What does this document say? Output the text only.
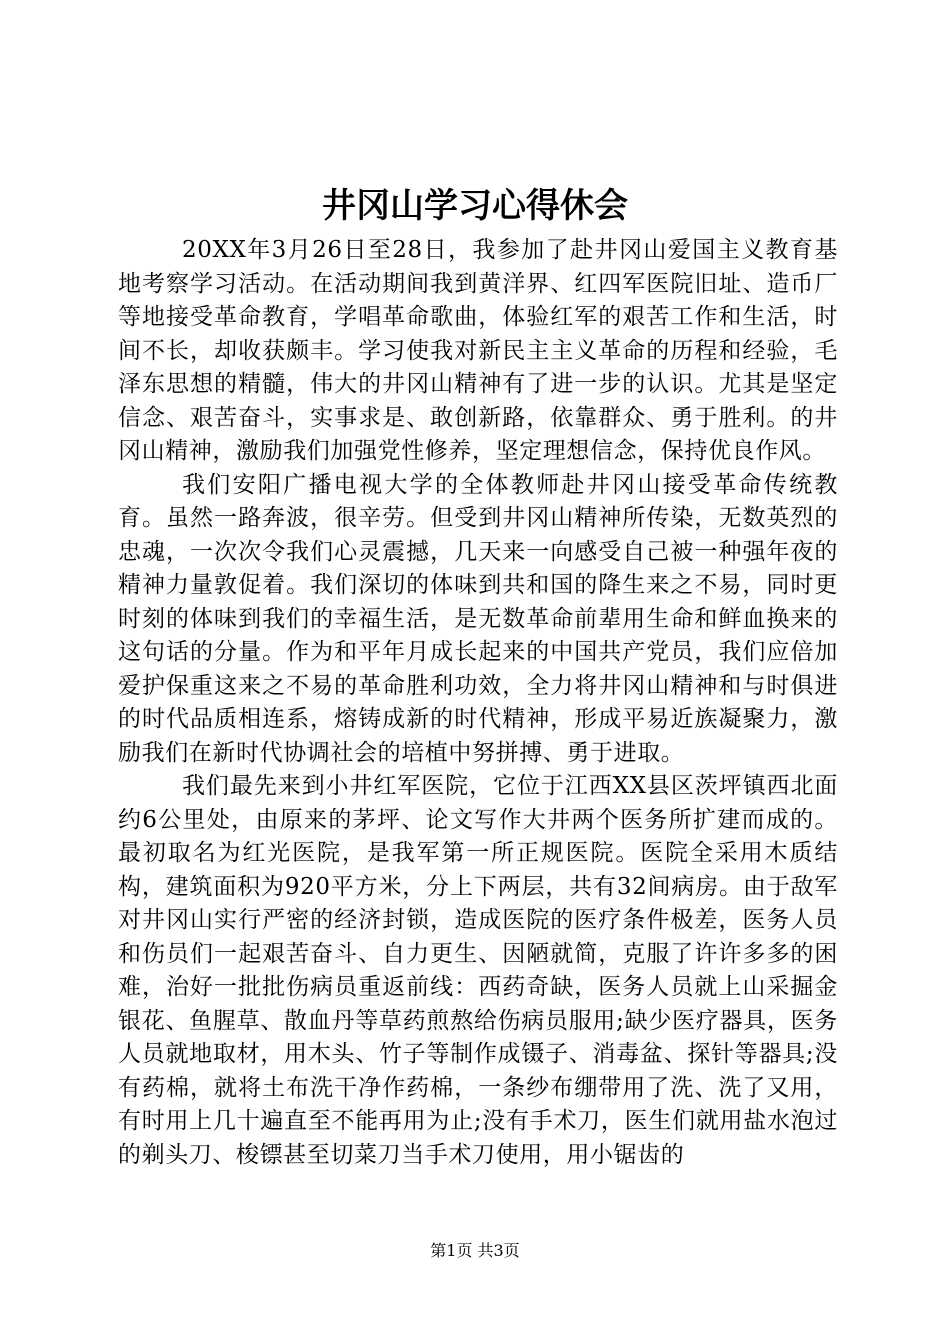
井冈山学习心得休会

20XX年3月26日至28日，我参加了赴井冈山爱国主义教育基地考察学习活动。在活动期间我到黄洋界、红四军医院旧址、造币厂等地接受革命教育，学唱革命歌曲，体验红军的艰苦工作和生活，时间不长，却收获颇丰。学习使我对新民主主义革命的历程和经验，毛泽东思想的精髓，伟大的井冈山精神有了进一步的认识。尤其是坚定信念、艰苦奋斗，实事求是、敢创新路，依靠群众、勇于胜利。的井冈山精神，激励我们加强党性修养，坚定理想信念，保持优良作风。

我们安阳广播电视大学的全体教师赴井冈山接受革命传统教育。虽然一路奔波，很辛劳。但受到井冈山精神所传染，无数英烈的忠魂，一次次令我们心灵震撼，几天来一向感受自己被一种强年夜的精神力量敦促着。我们深切的体味到共和国的降生来之不易，同时更时刻的体味到我们的幸福生活，是无数革命前辈用生命和鲜血换来的这句话的分量。作为和平年月成长起来的中国共产党员，我们应倍加爱护保重这来之不易的革命胜利功效，全力将井冈山精神和与时俱进的时代品质相连系，熔铸成新的时代精神，形成平易近族凝聚力，激励我们在新时代协调社会的培植中努拼搏、勇于进取。

我们最先来到小井红军医院，它位于江西XX县区茨坪镇西北面约6公里处，由原来的茅坪、论文写作大井两个医务所扩建而成的。最初取名为红光医院，是我军第一所正规医院。医院全采用木质结构，建筑面积为920平方米，分上下两层，共有32间病房。由于敌军对井冈山实行严密的经济封锁，造成医院的医疗条件极差，医务人员和伤员们一起艰苦奋斗、自力更生、因陋就简，克服了许许多多的困难，治好一批批伤病员重返前线：西药奇缺，医务人员就上山采掘金银花、鱼腥草、散血丹等草药煎熬给伤病员服用;缺少医疗器具，医务人员就地取材，用木头、竹子等制作成镊子、消毒盆、探针等器具;没有药棉，就将土布洗干净作药棉，一条纱布绷带用了洗、洗了又用，有时用上几十遍直至不能再用为止;没有手术刀，医生们就用盐水泡过的剃头刀、梭镖甚至切菜刀当手术刀使用，用小锯齿的

第1页 共3页
